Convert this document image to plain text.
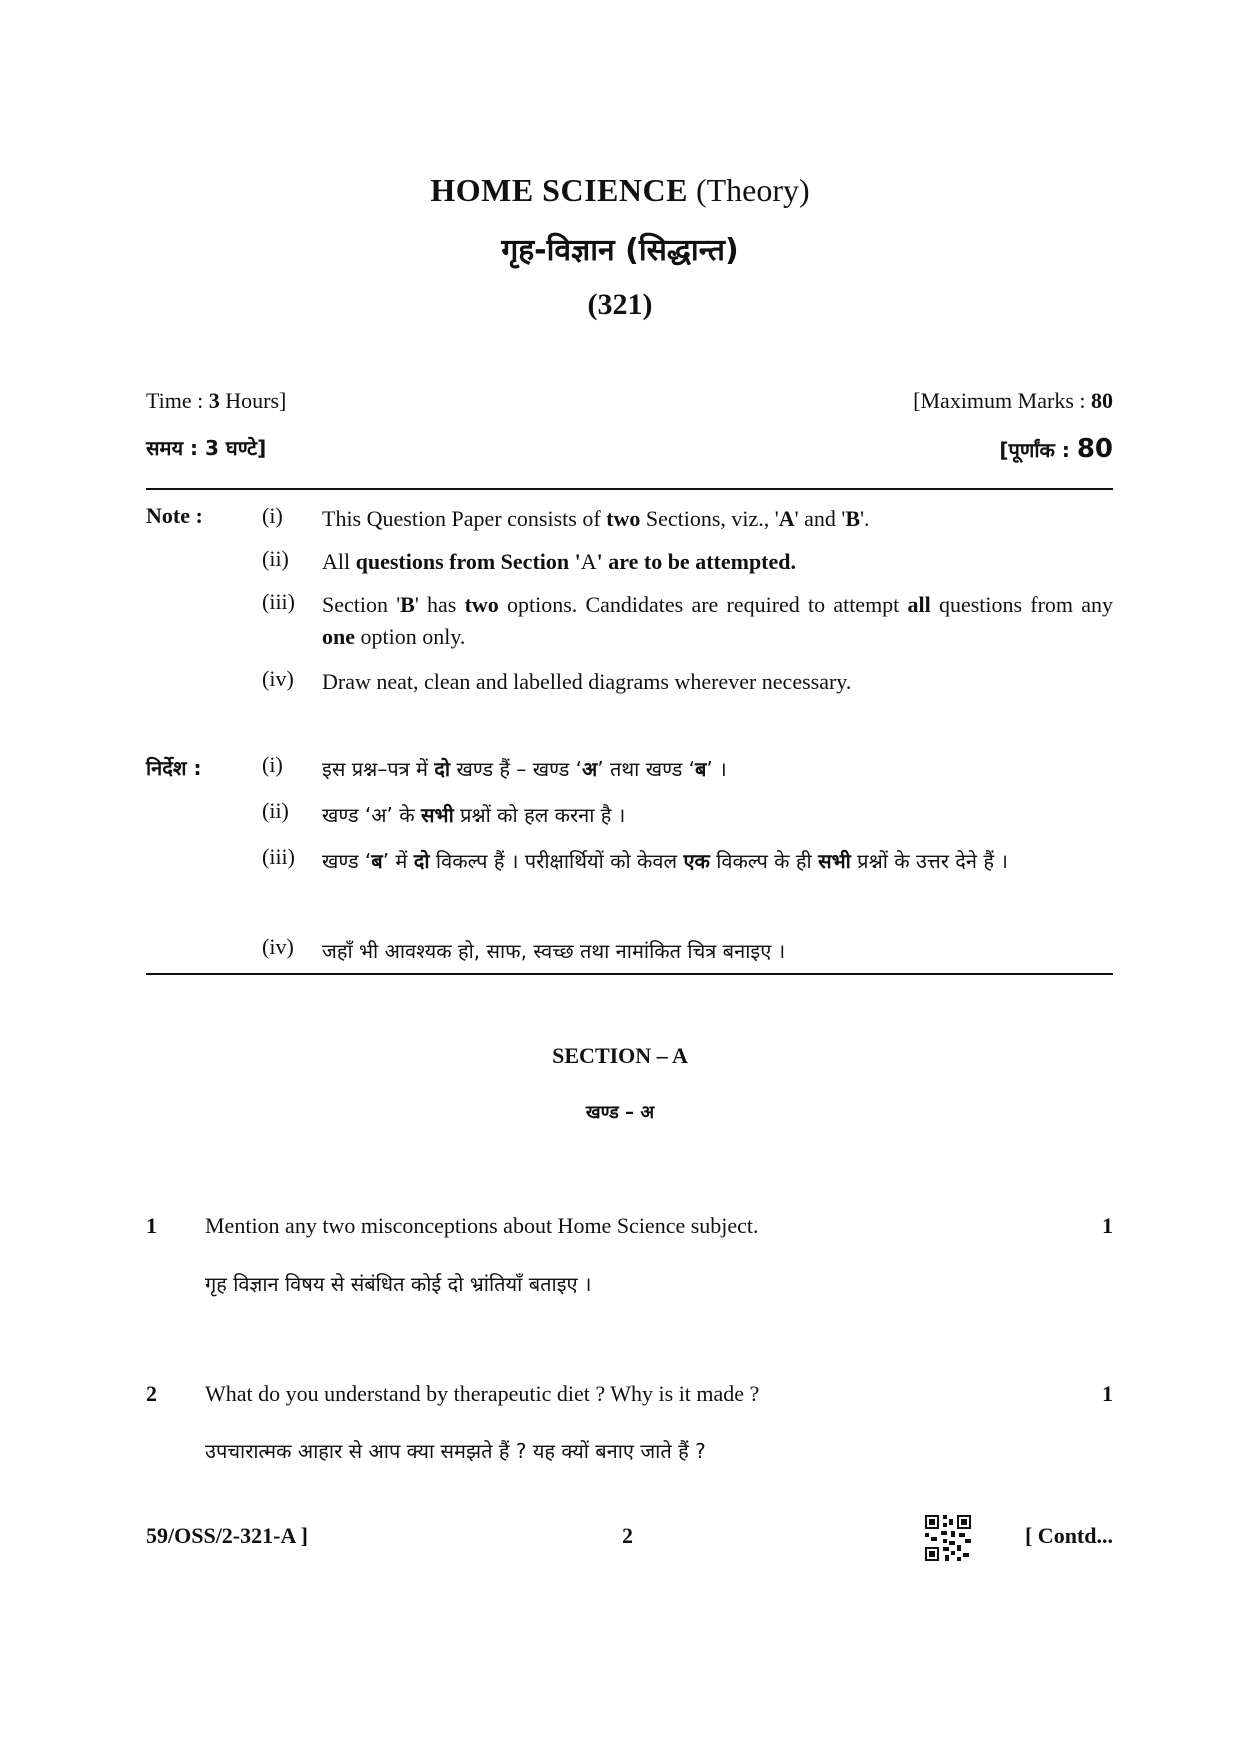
HOME SCIENCE (Theory)
गृह-विज्ञान (सिद्धान्त)
(321)
Time : 3 Hours]	[Maximum Marks : 80
समय : 3 घण्टे]	[पूर्णांक : 80
Note :	(i) This Question Paper consists of two Sections, viz., 'A' and 'B'.
(ii) All questions from Section 'A' are to be attempted.
(iii) Section 'B' has two options. Candidates are required to attempt all questions from any one option only.
(iv) Draw neat, clean and labelled diagrams wherever necessary.
निर्देश :	(i) इस प्रश्न–पत्र में दो खण्ड हैं – खण्ड ‘अ’ तथा खण्ड ‘ब’ ।
(ii) खण्ड ‘अ’ के सभी प्रश्नों को हल करना है ।
(iii) खण्ड ‘ब’ में दो विकल्प हैं । परीक्षार्थियों को केवल एक विकल्प के ही सभी प्रश्नों के उत्तर देने हैं ।
(iv) जहाँ भी आवश्यक हो, साफ, स्वच्छ तथा नामांकित चित्र बनाइए ।
SECTION – A
खण्ड – अ
1 Mention any two misconceptions about Home Science subject.	1
गृह विज्ञान विषय से संबंधित कोई दो भ्रांतियाँ बताइए ।
2 What do you understand by therapeutic diet ? Why is it made ?	1
उपचारात्मक आहार से आप क्या समझते हैं ? यह क्यों बनाए जाते हैं ?
59/OSS/2-321-A ]	2	[ Contd...
